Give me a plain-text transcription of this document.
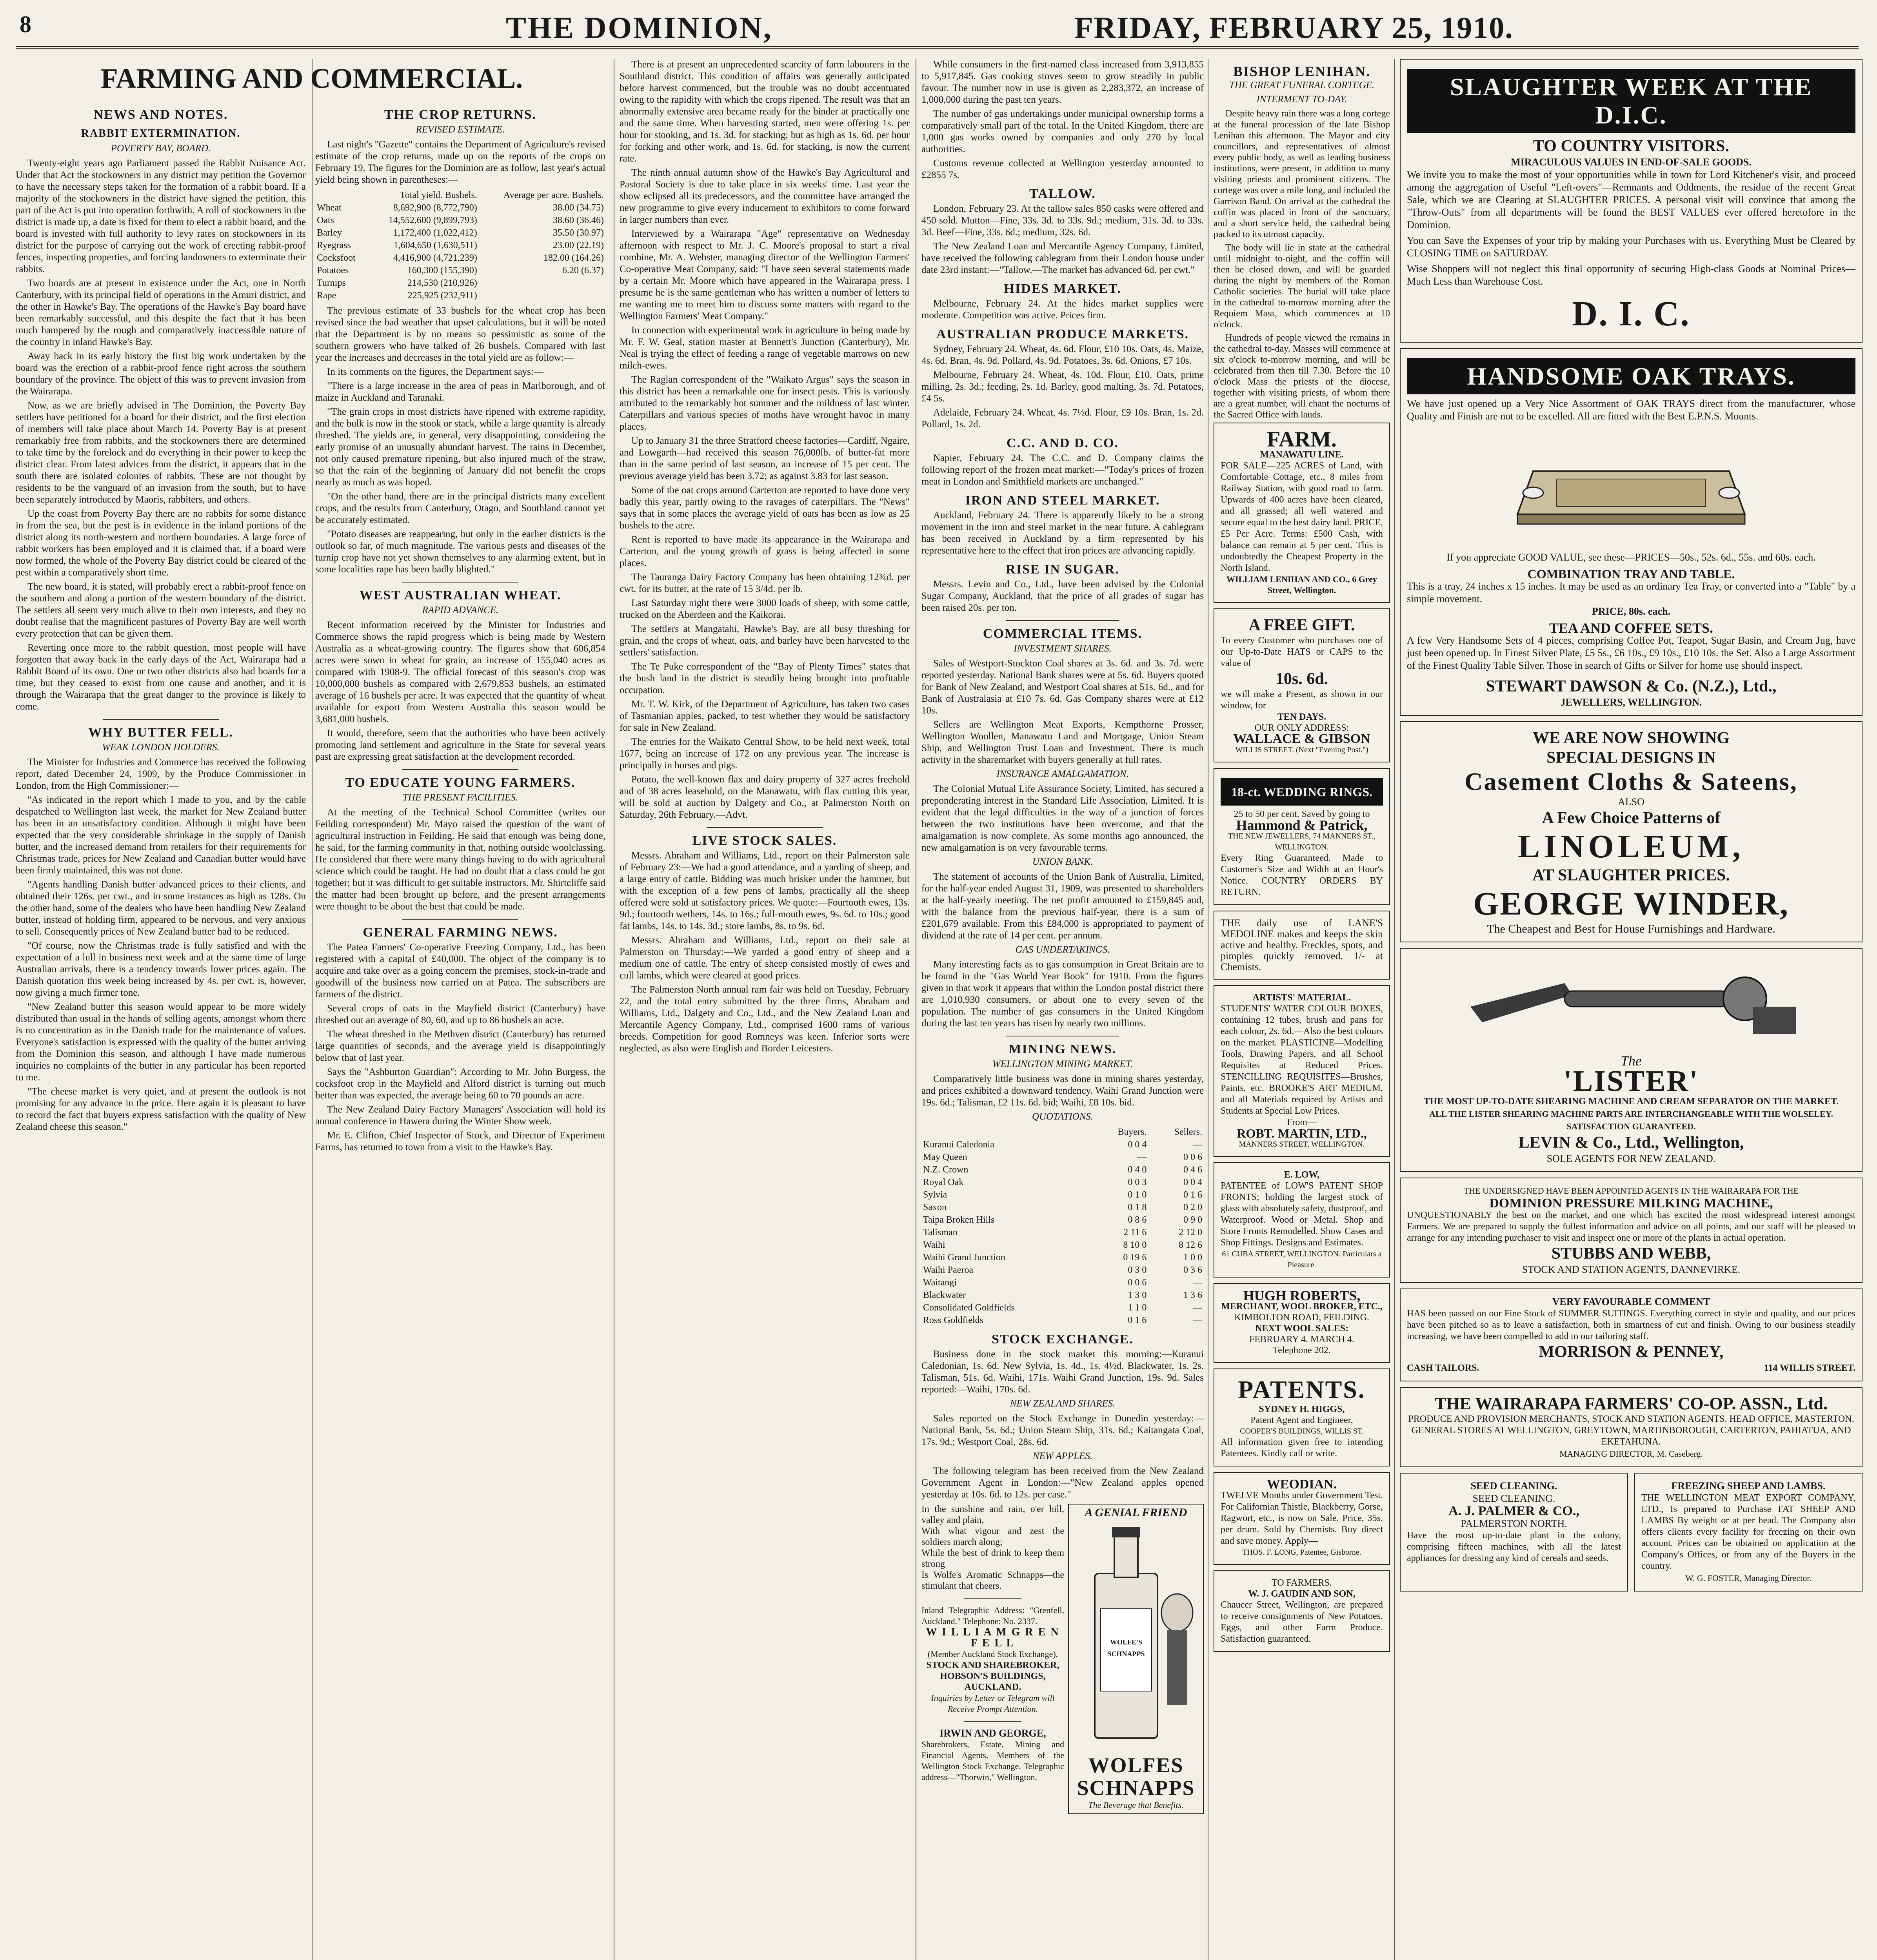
8	THE DOMINION,	FRIDAY, FEBRUARY 25, 1910.
FARMING AND COMMERCIAL.
NEWS AND NOTES.
RABBIT EXTERMINATION.
POVERTY BAY, BOARD.

Twenty-eight years ago Parliament passed the Rabbit Nuisance Act. Under that Act the stockowners in any district may petition the Governor to have the necessary steps taken for the formation of a rabbit board. If a majority of the stockowners in the district have signed the petition, this part of the Act is put into operation forthwith. A roll of stockowners in the district is made up, a date is fixed for them to elect a rabbit board, and the board is invested with full authority to levy rates on stockowners in its district for the purpose of carrying out the work of erecting rabbit-proof fences, inspecting properties, and forcing landowners to exterminate their rabbits.

Two boards are at present in existence under the Act, one in North Canterbury, with its principal field of operations in the Amuri district, and the other in Hawke's Bay. The operations of the Hawke's Bay board have been remarkably successful, and this despite the fact that it has been much hampered by the rough and comparatively inaccessible nature of the country in inland Hawke's Bay.

Away back in its early history the first big work undertaken by the board was the erection of a rabbit-proof fence right across the southern boundary of the province. The object of this was to prevent invasion from the Wairarapa.

Now, as we are briefly advised in The Dominion, the Poverty Bay settlers have petitioned for a board for their district, and the first election of members will take place about March 14. Poverty Bay is at present remarkably free from rabbits, and the stockowners there are determined to take time by the forelock and do everything in their power to keep the district clear. From latest advices from the district, it appears that in the south there are isolated colonies of rabbits. These are not thought by residents to be the vanguard of an invasion from the south, but to have been separately introduced by Maoris, rabbiters, and others.

Up the coast from Poverty Bay there are no rabbits for some distance in from the sea, but the pest is in evidence in the inland portions of the district along its north-western and northern boundaries. A large force of rabbit workers has been employed and it is claimed that, if a board were now formed, the whole of the Poverty Bay district could be cleared of the pest within a comparatively short time.

The new board, it is stated, will probably erect a rabbit-proof fence on the southern and along a portion of the western boundary of the district. The settlers all seem very much alive to their own interests, and they no doubt realise that the magnificent pastures of Poverty Bay are well worth every protection that can be given them.

Reverting once more to the rabbit question, most people will have forgotten that away back in the early days of the Act, Wairarapa had a Rabbit Board of its own. One or two other districts also had boards for a time, but they ceased to exist from one cause and another, and it is through the Wairarapa that the great danger to the province is likely to come.

WHY BUTTER FELL.
WEAK LONDON HOLDERS.

The Minister for Industries and Commerce has received the following report, dated December 24, 1909, by the Produce Commissioner in London, from the High Commissioner:—

"As indicated in the report which I made to you, and by the cable despatched to Wellington last week, the market for New Zealand butter has been in an unsatisfactory condition. Although it might have been expected that the very considerable shrinkage in the supply of Danish butter, and the increased demand from retailers for their requirements for Christmas trade, prices for New Zealand and Canadian butter would have been firmly maintained, this was not done.

"Agents handling Danish butter advanced prices to their clients, and obtained their 126s. per cwt., and in some instances as high as 128s. On the other hand, some of the dealers who have been handling New Zealand butter, instead of holding firm, appeared to be nervous, and very anxious to sell. Consequently prices of New Zealand butter had to be reduced.

"Of course, now the Christmas trade is fully satisfied and with the expectation of a lull in business next week and at the same time of large Australian arrivals, there is a tendency towards lower prices again. The Danish quotation this week being increased by 4s. per cwt. is, however, now giving a much firmer tone.

"New Zealand butter this season would appear to be more widely distributed than usual in the hands of selling agents, amongst whom there is no concentration as in the Danish trade for the maintenance of values. Everyone's satisfaction is expressed with the quality of the butter arriving from the Dominion this season, and although I have made numerous inquiries no complaints of the butter in any particular has been reported to me.

"The cheese market is very quiet, and at present the outlook is not promising for any advance in the price. Here again it is pleasant to have to record the fact that buyers express satisfaction with the quality of New Zealand cheese this season."

THE CROP RETURNS.
REVISED ESTIMATE.

Last night's "Gazette" contains the Department of Agriculture's revised estimate of the crop returns, made up on the reports of the crops on February 19. The figures for the Dominion are as follow, last year's actual yield being shown in parentheses:—

	Total yield. Bushels.	Average per acre. Bushels.
Wheat	8,692,900 (8,772,790)	38.00 (34.75)
Oats	14,552,600 (9,899,793)	38.60 (36.46)
Barley	1,172,400 (1,022,412)	35.50 (30.97)
Ryegrass	1,604,650 (1,630,511)	23.00 (22.19)
Cocksfoot	4,416,900 (4,721,239)	182.00 (164.26)
Potatoes	160,300 (155,390)	6.20 (6.37)
Turnips	214,530 (210,926)	
Rape	225,925 (232,911)	

The previous estimate of 33 bushels for the wheat crop has been revised since the bad weather that upset calculations, but it will be noted that the Department is by no means so pessimistic as some of the southern growers who have talked of 26 bushels. Compared with last year the increases and decreases in the total yield are as follow:—

In its comments on the figures, the Department says:—

"There is a large increase in the area of peas in Marlborough, and of maize in Auckland and Taranaki.

"The grain crops in most districts have ripened with extreme rapidity, and the bulk is now in the stook or stack, while a large quantity is already threshed. The yields are, in general, very disappointing, considering the early promise of an unusually abundant harvest. The rains in December, not only caused premature ripening, but also injured much of the straw, so that the rain of the beginning of January did not benefit the crops nearly as much as was hoped.

"On the other hand, there are in the principal districts many excellent crops, and the results from Canterbury, Otago, and Southland cannot yet be accurately estimated.

"Potato diseases are reappearing, but only in the earlier districts is the outlook so far, of much magnitude. The various pests and diseases of the turnip crop have not yet shown themselves to any alarming extent, but in some localities rape has been badly blighted."

WEST AUSTRALIAN WHEAT.
RAPID ADVANCE.

Recent information received by the Minister for Industries and Commerce shows the rapid progress which is being made by Western Australia as a wheat-growing country. The figures show that 606,854 acres were sown in wheat for grain, an increase of 155,040 acres as compared with 1908-9. The official forecast of this season's crop was 10,000,000 bushels as compared with 2,679,853 bushels, an estimated average of 16 bushels per acre. It was expected that the quantity of wheat available for export from Western Australia this season would be 3,681,000 bushels.

It would, therefore, seem that the authorities who have been actively promoting land settlement and agriculture in the State for several years past are expressing great satisfaction at the development recorded.

TO EDUCATE YOUNG FARMERS.
THE PRESENT FACILITIES.

At the meeting of the Technical School Committee (writes our Feilding correspondent) Mr. Mayo raised the question of the want of agricultural instruction in Feilding. He said that enough was being done, he said, for the farming community in that, nothing outside woolclassing. He considered that there were many things having to do with agricultural science which could be taught. He had no doubt that a class could be got together; but it was difficult to get suitable instructors. Mr. Shirtcliffe said the matter had been brought up before, and the present arrangements were thought to be about the best that could be made.

GENERAL FARMING NEWS.

The Patea Farmers' Co-operative Freezing Company, Ltd., has been registered with a capital of £40,000. The object of the company is to acquire and take over as a going concern the premises, stock-in-trade and goodwill of the business now carried on at Patea. The subscribers are farmers of the district.

Several crops of oats in the Mayfield district (Canterbury) have threshed out an average of 80, 60, and up to 86 bushels an acre.

The wheat threshed in the Methven district (Canterbury) has returned large quantities of seconds, and the average yield is disappointingly below that of last year.

Says the "Ashburton Guardian": According to Mr. John Burgess, the cocksfoot crop in the Mayfield and Alford district is turning out much better than was expected, the average being 60 to 70 pounds an acre.

The New Zealand Dairy Factory Managers' Association will hold its annual conference in Hawera during the Winter Show week.

Mr. E. Clifton, Chief Inspector of Stock, and Director of Experiment Farms, has returned to town from a visit to the Hawke's Bay.

There is at present an unprecedented scarcity of farm labourers in the Southland district. This condition of affairs was generally anticipated before harvest commenced, but the trouble was no doubt accentuated owing to the rapidity with which the crops ripened. The result was that an abnormally extensive area became ready for the binder at practically one and the same time. When harvesting started, men were offering 1s. per hour for stooking, and 1s. 3d. for stacking; but as high as 1s. 6d. per hour for forking and other work, and 1s. 6d. for stacking, is now the current rate.

The ninth annual autumn show of the Hawke's Bay Agricultural and Pastoral Society is due to take place in six weeks' time. Last year the show eclipsed all its predecessors, and the committee have arranged the new programme to give every inducement to exhibitors to come forward in larger numbers than ever.

Interviewed by a Wairarapa "Age" representative on Wednesday afternoon with respect to Mr. J. C. Moore's proposal to start a rival combine, Mr. A. Webster, managing director of the Wellington Farmers' Co-operative Meat Company, said: "I have seen several statements made by a certain Mr. Moore which have appeared in the Wairarapa press. I presume he is the same gentleman who has written a number of letters to me wanting me to meet him to discuss some matters with regard to the Wellington Farmers' Meat Company."

In connection with experimental work in agriculture in being made by Mr. F. W. Geal, station master at Bennett's Junction (Canterbury), Mr. Neal is trying the effect of feeding a range of vegetable marrows on new milch-ewes.

The Raglan correspondent of the "Waikato Argus" says the season in this district has been a remarkable one for insect pests. This is variously attributed to the remarkably hot summer and the mildness of last winter. Caterpillars and various species of moths have wrought havoc in many places.

Up to January 31 the three Stratford cheese factories—Cardiff, Ngaire, and Lowgarth—had received this season 76,000lb. of butter-fat more than in the same period of last season, an increase of 15 per cent. The previous average yield has been 3.72; as against 3.83 for last season.

Some of the oat crops around Carterton are reported to have done very badly this year, partly owing to the ravages of caterpillars. The "News" says that in some places the average yield of oats has been as low as 25 bushels to the acre.

Rent is reported to have made its appearance in the Wairarapa and Carterton, and the young growth of grass is being affected in some places.

The Tauranga Dairy Factory Company has been obtaining 12¾d. per cwt. for its butter, at the rate of 15 3/4d. per lb.

Last Saturday night there were 3000 loads of sheep, with some cattle, trucked on the Aberdeen and the Kaikorai.

The settlers at Mangatahi, Hawke's Bay, are all busy threshing for grain, and the crops of wheat, oats, and barley have been harvested to the settlers' satisfaction.

The Te Puke correspondent of the "Bay of Plenty Times" states that the bush land in the district is steadily being brought into profitable occupation.

Mr. T. W. Kirk, of the Department of Agriculture, has taken two cases of Tasmanian apples, packed, to test whether they would be satisfactory for sale in New Zealand.

The entries for the Waikato Central Show, to be held next week, total 1677, being an increase of 172 on any previous year. The increase is principally in horses and pigs.

Potato, the well-known flax and dairy property of 327 acres freehold and of 38 acres leasehold, on the Manawatu, with flax cutting this year, will be sold at auction by Dalgety and Co., at Palmerston North on Saturday, 26th February.—Advt.

LIVE STOCK SALES.

Messrs. Abraham and Williams, Ltd., report on their Palmerston sale of February 23:—We had a good attendance, and a yarding of sheep, and a large entry of cattle. Bidding was much brisker under the hammer, but with the exception of a few pens of lambs, practically all the sheep offered were sold at satisfactory prices. We quote:—Fourtooth ewes, 13s. 9d.; fourtooth wethers, 14s. to 16s.; full-mouth ewes, 9s. 6d. to 10s.; good fat lambs, 14s. to 14s. 3d.; store lambs, 8s. to 9s. 6d.

Messrs. Abraham and Williams, Ltd., report on their sale at Palmerston on Thursday:—We yarded a good entry of sheep and a medium one of cattle. The entry of sheep consisted mostly of ewes and cull lambs, which were cleared at good prices.

The Palmerston North annual ram fair was held on Tuesday, February 22, and the total entry submitted by the three firms, Abraham and Williams, Ltd., Dalgety and Co., Ltd., and the New Zealand Loan and Mercantile Agency Company, Ltd., comprised 1600 rams of various breeds. Competition for good Romneys was keen. Inferior sorts were neglected, as also were English and Border Leicesters.

While consumers in the first-named class increased from 3,913,855 to 5,917,845. Gas cooking stoves seem to grow steadily in public favour. The number now in use is given as 2,283,372, an increase of 1,000,000 during the past ten years.

The number of gas undertakings under municipal ownership forms a comparatively small part of the total. In the United Kingdom, there are 1,000 gas works owned by companies and only 270 by local authorities.

Customs revenue collected at Wellington yesterday amounted to £2855 7s.

TALLOW.

London, February 23. At the tallow sales 850 casks were offered and 450 sold. Mutton—Fine, 33s. 3d. to 33s. 9d.; medium, 31s. 3d. to 33s. 3d. Beef—Fine, 33s. 6d.; medium, 32s. 6d.

The New Zealand Loan and Mercantile Agency Company, Limited, have received the following cablegram from their London house under date 23rd instant:—"Tallow.—The market has advanced 6d. per cwt."

HIDES MARKET.

Melbourne, February 24. At the hides market supplies were moderate. Competition was active. Prices firm.

AUSTRALIAN PRODUCE MARKETS.

Sydney, February 24. Wheat, 4s. 6d. Flour, £10 10s. Oats, 4s. Maize, 4s. 6d. Bran, 4s. 9d. Pollard, 4s. 9d. Potatoes, 3s. 6d. Onions, £7 10s.

Melbourne, February 24. Wheat, 4s. 10d. Flour, £10. Oats, prime milling, 2s. 3d.; feeding, 2s. 1d. Barley, good malting, 3s. 7d. Potatoes, £4 5s.

Adelaide, February 24. Wheat, 4s. 7½d. Flour, £9 10s. Bran, 1s. 2d. Pollard, 1s. 2d.

C.C. AND D. CO.

Napier, February 24. The C.C. and D. Company claims the following report of the frozen meat market:—"Today's prices of frozen meat in London and Smithfield markets are unchanged."

IRON AND STEEL MARKET.

Auckland, February 24. There is apparently likely to be a strong movement in the iron and steel market in the near future. A cablegram has been received in Auckland by a firm represented by his representative here to the effect that iron prices are advancing rapidly.

RISE IN SUGAR.

Messrs. Levin and Co., Ltd., have been advised by the Colonial Sugar Company, Auckland, that the price of all grades of sugar has been raised 20s. per ton.

COMMERCIAL ITEMS.
INVESTMENT SHARES.

Sales of Westport-Stockton Coal shares at 3s. 6d. and 3s. 7d. were reported yesterday. National Bank shares were at 5s. 6d. Buyers quoted for Bank of New Zealand, and Westport Coal shares at 51s. 6d., and for Bank of Australasia at £10 7s. 6d. Gas Company shares were at £12 10s.

Sellers are Wellington Meat Exports, Kempthorne Prosser, Wellington Woollen, Manawatu Land and Mortgage, Union Steam Ship, and Wellington Trust Loan and Investment. There is much activity in the sharemarket with buyers generally at full rates.

INSURANCE AMALGAMATION.

The Colonial Mutual Life Assurance Society, Limited, has secured a preponderating interest in the Standard Life Association, Limited. It is evident that the legal difficulties in the way of a junction of forces between the two institutions have been overcome, and that the amalgamation is now complete. As some months ago announced, the new amalgamation is on very favourable terms.

UNION BANK.

The statement of accounts of the Union Bank of Australia, Limited, for the half-year ended August 31, 1909, was presented to shareholders at the half-yearly meeting. The net profit amounted to £159,845 and, with the balance from the previous half-year, there is a sum of £201,679 available. From this £84,000 is appropriated to payment of dividend at the rate of 14 per cent. per annum.

GAS UNDERTAKINGS.

Many interesting facts as to gas consumption in Great Britain are to be found in the "Gas World Year Book" for 1910. From the figures given in that work it appears that within the London postal district there are 1,010,930 consumers, or about one to every seven of the population. The number of gas consumers in the United Kingdom during the last ten years has risen by nearly two millions.

MINING NEWS.
WELLINGTON MINING MARKET.

Comparatively little business was done in mining shares yesterday, and prices exhibited a downward tendency. Waihi Grand Junction were 19s. 6d.; Talisman, £2 11s. 6d. bid; Waihi, £8 10s. bid.

QUOTATIONS.
	Buyers.	Sellers.
Kuranui Caledonia	0 0 4	—
May Queen	—	0 0 6
N.Z. Crown	0 4 0	0 4 6
Royal Oak	0 0 3	0 0 4
Sylvia	0 1 0	0 1 6
Saxon	0 1 8	0 2 0
Taipa Broken Hills	0 8 6	0 9 0
Talisman	2 11 6	2 12 0
Waihi	8 10 0	8 12 6
Waihi Grand Junction	0 19 6	1 0 0
Waihi Paeroa	0 3 0	0 3 6
Waitangi	0 0 6	—
Blackwater	1 3 0	1 3 6
Consolidated Goldfields	1 1 0	—
Ross Goldfields	0 1 6	—
STOCK EXCHANGE.

Business done in the stock market this morning:—Kuranui Caledonian, 1s. 6d. New Sylvia, 1s. 4d., 1s. 4½d. Blackwater, 1s. 2s. Talisman, 51s. 6d. Waihi, 171s. Waihi Grand Junction, 19s. 9d. Sales reported:—Waihi, 170s. 6d.

NEW ZEALAND SHARES.

Sales reported on the Stock Exchange in Dunedin yesterday:—National Bank, 5s. 6d.; Union Steam Ship, 31s. 6d.; Kaitangata Coal, 17s. 9d.; Westport Coal, 28s. 6d.

NEW APPLES.

The following telegram has been received from the New Zealand Government Agent in London:—"New Zealand apples opened yesterday at 10s. 6d. to 12s. per case."

In the sunshine and rain, o'er hill, valley and plain,
With what vigour and zest the soldiers march along;
While the best of drink to keep them strong
Is Wolfe's Aromatic Schnapps—the stimulant that cheers.
Inland Telegraphic Address: "Grenfell, Auckland." Telephone: No. 2337.
W I L L I A M G R E N F E L L
(Member Auckland Stock Exchange),
STOCK AND SHAREBROKER, HOBSON'S BUILDINGS, AUCKLAND.
Inquiries by Letter or Telegram will Receive Prompt Attention.
IRWIN AND GEORGE,
Sharebrokers, Estate, Mining and Financial Agents, Members of the Wellington Stock Exchange. Telegraphic address—"Thorwin," Wellington.
A GENIAL FRIEND
WOLFE'S SCHNAPPS
WOLFES SCHNAPPS
The Beverage that Benefits.
BISHOP LENIHAN.
THE GREAT FUNERAL CORTEGE.
INTERMENT TO-DAY.

Despite heavy rain there was a long cortege at the funeral procession of the late Bishop Lenihan this afternoon. The Mayor and city councillors, and representatives of almost every public body, as well as leading business institutions, were present, in addition to many visiting priests and prominent citizens. The cortege was over a mile long, and included the Garrison Band. On arrival at the cathedral the coffin was placed in front of the sanctuary, and a short service held, the cathedral being packed to its utmost capacity.

The body will lie in state at the cathedral until midnight to-night, and the coffin will then be closed down, and will be guarded during the night by members of the Roman Catholic societies. The burial will take place in the cathedral to-morrow morning after the Requiem Mass, which commences at 10 o'clock.

Hundreds of people viewed the remains in the cathedral to-day. Masses will commence at six o'clock to-morrow morning, and will be celebrated from then till 7.30. Before the 10 o'clock Mass the priests of the diocese, together with visiting priests, of whom there are a great number, will chant the nocturns of the Sacred Office with lauds.

FARM.
MANAWATU LINE.
FOR SALE—225 ACRES of Land, with Comfortable Cottage, etc., 8 miles from Railway Station, with good road to farm. Upwards of 400 acres have been cleared, and all grassed; all well watered and secure equal to the best dairy land. PRICE, £5 Per Acre. Terms: £500 Cash, with balance can remain at 5 per cent. This is undoubtedly the Cheapest Property in the North Island.
WILLIAM LENIHAN AND CO., 6 Grey Street, Wellington.
A FREE GIFT.
To every Customer who purchases one of our Up-to-Date HATS or CAPS to the value of
10s. 6d.
we will make a Present, as shown in our window, for
TEN DAYS.
OUR ONLY ADDRESS:
WALLACE & GIBSON
WILLIS STREET. (Next "Evening Post.")
18-ct. WEDDING RINGS.
25 to 50 per cent. Saved by going to
Hammond & Patrick,
THE NEW JEWELLERS, 74 MANNERS ST., WELLINGTON.
Every Ring Guaranteed. Made to Customer's Size and Width at an Hour's Notice. COUNTRY ORDERS BY RETURN.
THE daily use of LANE'S MEDOLINE makes and keeps the skin active and healthy. Freckles, spots, and pimples quickly removed. 1/- at Chemists.
ARTISTS' MATERIAL.
STUDENTS' WATER COLOUR BOXES, containing 12 tubes, brush and pans for each colour, 2s. 6d.—Also the best colours on the market. PLASTICINE—Modelling Tools, Drawing Papers, and all School Requisites at Reduced Prices. STENCILLING REQUISITES—Brushes, Paints, etc. BROOKE'S ART MEDIUM, and all Materials required by Artists and Students at Special Low Prices.
From—
ROBT. MARTIN, LTD.,
MANNERS STREET, WELLINGTON.
E. LOW,
PATENTEE of LOW'S PATENT SHOP FRONTS; holding the largest stock of glass with absolutely safety, dustproof, and Waterproof. Wood or Metal. Shop and Store Fronts Remodelled. Show Cases and Shop Fittings. Designs and Estimates.
61 CUBA STREET, WELLINGTON. Particulars a Pleasure.
HUGH ROBERTS,
MERCHANT, WOOL BROKER, ETC.,
KIMBOLTON ROAD, FEILDING.
NEXT WOOL SALES:
FEBRUARY 4. MARCH 4.
Telephone 202.
PATENTS.
SYDNEY H. HIGGS,
Patent Agent and Engineer,
COOPER'S BUILDINGS, WILLIS ST.
All information given free to intending Patentees. Kindly call or write.
WEODIAN.
TWELVE Months under Government Test. For Californian Thistle, Blackberry, Gorse, Ragwort, etc., is now on Sale. Price, 35s. per drum. Sold by Chemists. Buy direct and save money. Apply—
THOS. F. LONG, Patentee, Gisborne.
TO FARMERS.
W. J. GAUDIN AND SON,
Chaucer Street, Wellington, are prepared to receive consignments of New Potatoes, Eggs, and other Farm Produce. Satisfaction guaranteed.
SLAUGHTER WEEK AT THE D.I.C.
TO COUNTRY VISITORS.
MIRACULOUS VALUES IN END-OF-SALE GOODS.
We invite you to make the most of your opportunities while in town for Lord Kitchener's visit, and proceed among the aggregation of Useful "Left-overs"—Remnants and Oddments, the residue of the recent Great Sale, which we are Clearing at SLAUGHTER PRICES. A personal visit will convince that among the "Throw-Outs" from all departments will be found the BEST VALUES ever offered heretofore in the Dominion.
You can Save the Expenses of your trip by making your Purchases with us. Everything Must be Cleared by CLOSING TIME on SATURDAY.
Wise Shoppers will not neglect this final opportunity of securing High-class Goods at Nominal Prices—Much Less than Warehouse Cost.
D. I. C.
HANDSOME OAK TRAYS.
We have just opened up a Very Nice Assortment of OAK TRAYS direct from the manufacturer, whose Quality and Finish are not to be excelled. All are fitted with the Best E.P.N.S. Mounts.
If you appreciate GOOD VALUE, see these—PRICES—50s., 52s. 6d., 55s. and 60s. each.
COMBINATION TRAY AND TABLE.
This is a tray, 24 inches x 15 inches. It may be used as an ordinary Tea Tray, or converted into a "Table" by a simple movement.
PRICE, 80s. each.
TEA AND COFFEE SETS.
A few Very Handsome Sets of 4 pieces, comprising Coffee Pot, Teapot, Sugar Basin, and Cream Jug, have just been opened up. In Finest Silver Plate, £5 5s., £6 10s., £9 10s., £10 10s. the Set. Also a Large Assortment of the Finest Quality Table Silver. Those in search of Gifts or Silver for home use should inspect.
STEWART DAWSON & Co. (N.Z.), Ltd.,
JEWELLERS, WELLINGTON.
WE ARE NOW SHOWING
SPECIAL DESIGNS IN
Casement Cloths & Sateens,
ALSO
A Few Choice Patterns of
LINOLEUM,
AT SLAUGHTER PRICES.
GEORGE WINDER,
The Cheapest and Best for House Furnishings and Hardware.
The
'LISTER'
THE MOST UP-TO-DATE SHEARING MACHINE AND CREAM SEPARATOR ON THE MARKET.
ALL THE LISTER SHEARING MACHINE PARTS ARE INTERCHANGEABLE WITH THE WOLSELEY. SATISFACTION GUARANTEED.
LEVIN & Co., Ltd., Wellington,
SOLE AGENTS FOR NEW ZEALAND.
THE UNDERSIGNED HAVE BEEN APPOINTED AGENTS IN THE WAIRARAPA FOR THE
DOMINION PRESSURE MILKING MACHINE,
UNQUESTIONABLY the best on the market, and one which has excited the most widespread interest amongst Farmers. We are prepared to supply the fullest information and advice on all points, and our staff will be pleased to arrange for any intending purchaser to visit and inspect one or more of the plants in actual operation.
STUBBS AND WEBB,
STOCK AND STATION AGENTS, DANNEVIRKE.
VERY FAVOURABLE COMMENT
HAS been passed on our Fine Stock of SUMMER SUITINGS. Everything correct in style and quality, and our prices have been pitched so as to leave a satisfaction, both in smartness of cut and finish. Owing to our business steadily increasing, we have been compelled to add to our tailoring staff.
MORRISON & PENNEY,
CASH TAILORS.	114 WILLIS STREET.
THE WAIRARAPA FARMERS' CO-OP. ASSN., Ltd.
PRODUCE AND PROVISION MERCHANTS, STOCK AND STATION AGENTS. HEAD OFFICE, MASTERTON. GENERAL STORES AT WELLINGTON, GREYTOWN, MARTINBOROUGH, CARTERTON, PAHIATUA, AND EKETAHUNA.
MANAGING DIRECTOR, M. Caseberg.
SEED CLEANING.
SEED CLEANING.
A. J. PALMER & CO.,
PALMERSTON NORTH.
Have the most up-to-date plant in the colony, comprising fifteen machines, with all the latest appliances for dressing any kind of cereals and seeds.
FREEZING SHEEP AND LAMBS.
THE WELLINGTON MEAT EXPORT COMPANY, LTD., Is prepared to Purchase FAT SHEEP AND LAMBS By weight or at per head. The Company also offers clients every facility for freezing on their own account. Prices can be obtained on application at the Company's Offices, or from any of the Buyers in the country.
W. G. FOSTER, Managing Director.
